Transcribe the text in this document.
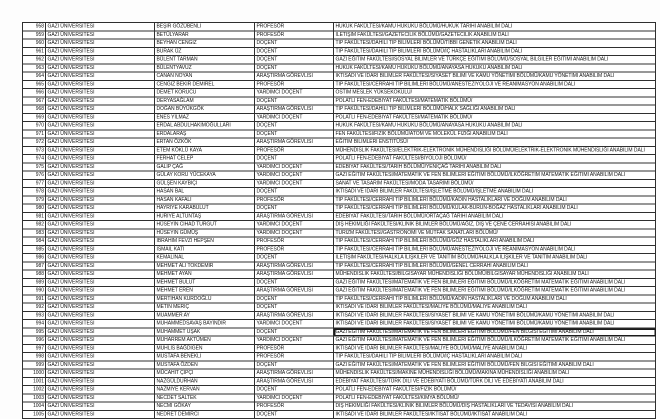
958 GAZİ ÜNİVERSİTESİ	BEŞİR GÖZÜBENLİ	PROFESÖR	HUKUK FAKÜLTESİ/KAMU HUKUKU BÖLÜMÜ/HUKUK TARİHİ ANABİLİM DALI
959 GAZİ ÜNİVERSİTESİ	BETÜLYARAR	PROFESÖR	İLETİŞİM FAKÜLTESİ/GAZETECİLİK BÖLÜMÜ/GAZETECİLİK ANABİLİM DALI
960 GAZİ ÜNİVERSİTESİ	BEYHAN CENGİZ	DOÇENT	TIP FAKÜLTESİ/DAHİLİ TIP BİLİMLERİ BÖLÜMÜ/TIBBİ GENETİK ANABİLİM DALI
961 GAZİ ÜNİVERSİTESİ	BURAK ÜZ	DOÇENT	TIP FAKÜLTESİ/DAHİLİ TIP BİLİMLERİ BÖLÜMÜ/İÇ HASTALIKLARI ANABİLİM DALI
962 GAZİ ÜNİVERSİTESİ	BÜLENT TARMAN	DOÇENT	GAZİ EĞİTİM FAKÜLTESİ/SOSYAL BİLİMLER VE TÜRKÇE EĞİTİMİ BÖLÜMÜ/SOSYAL BİLGİLER EĞİTİMİ ANABİLİM DALI
963 GAZİ ÜNİVERSİTESİ	BÜLENTYAVUZ	DOÇENT	HUKUK FAKÜLTESİ/KAMU HUKUKU BÖLÜMÜ/ANAYASA HUKUKU ANABİLİM DALI
964 GAZİ ÜNİVERSİTESİ	CANAN NOYAN	ARAŞTIRMA GÖREVLİSİ	İKTİSADİ VE İDARİ BİLİMLER FAKÜLTESİ/SİYASET BİLİMİ VE KAMU YÖNETİMİ BÖLÜMÜ/KAMU YÖNETİMİ ANABİLİM DALI
965 GAZİ ÜNİVERSİTESİ	CENGİZ BEKİR DEMİREL	PROFESÖR	TIP FAKÜLTESİ/CERRAHİ TIP BİLİMLERİ BÖLÜMÜ/ANESTEZİYOLOJİ VE REANİMASYON ANABİLİM DALI
966 GAZİ ÜNİVERSİTESİ	DEMET KORUCU	YARDIMCI DOÇENT	OSTİM MESLEK YÜKSEKOKULU/
967 GAZİ ÜNİVERSİTESİ	DERYASAĞLAM	DOÇENT	POLATLI FEN-EDEBİYAT FAKÜLTESİ/MATEMATİK BÖLÜMÜ/
968 GAZİ ÜNİVERSİTESİ	DOĞAN BÜYÜKGÖK	ARAŞTIRMA GÖREVLİSİ	TIP FAKÜLTESİ/DAHİLİ TIP BİLİMLERİ BÖLÜMÜ/HALK SAĞLIĞI ANABİLİM DALI
969 GAZİ ÜNİVERSİTESİ	ENES YILMAZ	YARDIMCI DOÇENT	POLATLI FEN-EDEBİYAT FAKÜLTESİ/MATEMATİK BÖLÜMÜ/
970 GAZİ ÜNİVERSİTESİ	ERDAL ABDULHAKİMOĞULLARI	DOÇENT	HUKUK FAKÜLTESİ/KAMU HUKUKU BÖLÜMÜ/ANAYASA HUKUKU ANABİLİM DALI
971 GAZİ ÜNİVERSİTESİ	ERDALARAŞ	DOÇENT	FEN FAKÜLTESİ/FİZİK BÖLÜMÜ/ATOM VE MOLEKÜL FİZİĞİ ANABİLİM DALI
972 GAZİ ÜNİVERSİTESİ	ERTAN ÖZKÖK	ARAŞTIRMA GÖREVLİSİ	EĞİTİM BİLİMLERİ ENSTİTÜSÜ/
973 GAZİ ÜNİVERSİTESİ	ETEM KÖKLÜ KAYA	PROFESÖR	MÜHENDİSLİK FAKÜLTESİ/ELEKTRİK-ELEKTRONİK MÜHENDİSLİĞİ BÖLÜMÜ/ELEKTRİK-ELEKTRONİK MÜHENDİSLİĞİ ANABİLİM DALI
974 GAZİ ÜNİVERSİTESİ	FERHAT CELEP	DOÇENT	POLATLI FEN-EDEBİYAT FAKÜLTESİ/BİYOLOJİ BÖLÜMÜ/
975 GAZİ ÜNİVERSİTESİ	GALİP ÇAĞ	YARDIMCI DOÇENT	EDEBİYAT FAKÜLTESİ/TARİH BÖLÜMÜ/YENİÇAĞ TARİHİ ANABİLİM DALI
976 GAZİ ÜNİVERSİTESİ	GÜLAY KORU YÜCEKAYA	YARDIMCI DOÇENT	GAZİ EĞİTİM FAKÜLTESİ/MATEMATİK VE FEN BİLİMLERİ EĞİTİMİ BÖLÜMÜ/İLKÖĞRETİM MATEMATİK EĞİTİMİ ANABİLİM DALI
977 GAZİ ÜNİVERSİTESİ	GÜLŞEN KAYBIÇI	YARDIMCI DOÇENT	SANAT VE TASARIM FAKÜLTESİ/MODA TASARIMI BÖLÜMÜ/
978 GAZİ ÜNİVERSİTESİ	HASAN BAL	DOÇENT	İKTİSADİ VE İDARİ BİLİMLER FAKÜLTESİ/İŞLETME BÖLÜMÜ/İŞLETME ANABİLİM DALI
979 GAZİ ÜNİVERSİTESİ	HASAN KAFALI	PROFESÖR	TIP FAKÜLTESİ/CERRAHİ TIP BİLİMLERİ BÖLÜMÜ/KADIN HASTALIKLARI VE DOĞUM ANABİLİM DALI
980 GAZİ ÜNİVERSİTESİ	HAYRİYE KARABULUT	DOÇENT	TIP FAKÜLTESİ/CERRAHİ TIP BİLİMLERİ BÖLÜMÜ/KULAK-BURUN-BOĞAZ HASTALIKLARI ANABİLİM DALI
981 GAZİ ÜNİVERSİTESİ	HURİYE ALTUNTAŞ	ARAŞTIRMA GÖREVLİSİ	EDEBİYAT FAKÜLTESİ/TARİH BÖLÜMÜ/ORTAÇAĞ TARİHİ ANABİLİM DALI
982 GAZİ ÜNİVERSİTESİ	HÜSEYİN CİHAD TURGUT	YARDIMCI DOÇENT	DİŞ HEKİMLİĞİ FAKÜLTESİ/KLİNİK BİLİMLER BÖLÜMÜ/AĞIZ, DİŞ VE ÇENE CERRAHİSİ ANABİLİM DALI
983 GAZİ ÜNİVERSİTESİ	HÜSEYİN GÜMÜŞ	YARDIMCI DOÇENT	TURİZM FAKÜLTESİ/GASTRONOMİ VE MUTFAK SANATLARI BÖLÜMÜ/
984 GAZİ ÜNİVERSİTESİ	İBRAHİM FEVZİ HEPŞEN	PROFESÖR	TIP FAKÜLTESİ/CERRAHİ TIP BİLİMLERİ BÖLÜMÜ/GÖZ HASTALIKLARI ANABİLİM DALI
985 GAZİ ÜNİVERSİTESİ	İSMAİL KATI	PROFESÖR	TIP FAKÜLTESİ/CERRAHİ TIP BİLİMLERİ BÖLÜMÜ/ANESTEZİYOLOJİ VE REANİMASYON ANABİLİM DALI
986 GAZİ ÜNİVERSİTESİ	KEMALİNAL	DOÇENT	İLETİŞİM FAKÜLTESİ/HALKLA İLİŞKİLER VE TANITIM BÖLÜMÜ/HALKLA İLİŞKİLER VE TANITIM ANABİLİM DALI
987 GAZİ ÜNİVERSİTESİ	MEHMET ALİ TOKDEMİR	ARAŞTIRMA GÖREVLİSİ	TIP FAKÜLTESİ/CERRAHİ TIP BİLİMLERİ BÖLÜMÜ/GENEL CERRAHİ ANABİLİM DALI
988 GAZİ ÜNİVERSİTESİ	MEHMET AYAN	ARAŞTIRMA GÖREVLİSİ	MÜHENDİSLİK FAKÜLTESİ/BİLGİSAYAR MÜHENDİSLİĞİ BÖLÜMÜ/BİLGİSAYAR MÜHENDİSLİĞİ ANABİLİM DALI
989 GAZİ ÜNİVERSİTESİ	MEHMET BULUT	DOÇENT	GAZİ EĞİTİM FAKÜLTESİ/MATEMATİK VE FEN BİLİMLERİ EĞİTİMİ BÖLÜMÜ/İLKÖĞRETİM MATEMATİK EĞİTİMİ ANABİLİM DALI
990 GAZİ ÜNİVERSİTESİ	MEHMET EREN	ARAŞTIRMA GÖREVLİSİ	GAZİ EĞİTİM FAKÜLTESİ/MATEMATİK VE FEN BİLİMLERİ EĞİTİMİ BÖLÜMÜ/İLKÖĞRETİM MATEMATİK EĞİTİMİ ANABİLİM DALI
991 GAZİ ÜNİVERSİTESİ	MERTİHAN KURDOĞLU	DOÇENT	TIP FAKÜLTESİ/CERRAHİ TIP BİLİMLERİ BÖLÜMÜ/KADIN HASTALIKLARI VE DOĞUM ANABİLİM DALI
992 GAZİ ÜNİVERSİTESİ	METİN MERİÇ	DOÇENT	İKTİSADİ VE İDARİ BİLİMLER FAKÜLTESİ/MALİYE BÖLÜMÜ/MALİYE ANABİLİM DALI
993 GAZİ ÜNİVERSİTESİ	MUAMMER AY	ARAŞTIRMA GÖREVLİSİ	İKTİSADİ VE İDARİ BİLİMLER FAKÜLTESİ/SİYASET BİLİMİ VE KAMU YÖNETİMİ BÖLÜMÜ/KAMU YÖNETİMİ ANABİLİM DALI
994 GAZİ ÜNİVERSİTESİ	MUHAMMEDSAVAŞ BAYINDIR	YARDIMCI DOÇENT	İKTİSADİ VE İDARİ BİLİMLER FAKÜLTESİ/SİYASET BİLİMİ VE KAMU YÖNETİMİ BÖLÜMÜ/KAMU YÖNETİMİ ANABİLİM DALI
995 GAZİ ÜNİVERSİTESİ	MUHAMMET UŞAK	DOÇENT	GAZİ EĞİTİM FAKÜLTESİ/MATEMATİK VE FEN BİLİMLERİ EĞİTİMİ BÖLÜMÜ/FEN BİLGİSİ EĞİTİMİ ANABİLİM DALI
996 GAZİ ÜNİVERSİTESİ	MUHARREM AKTÜMEN	YARDIMCI DOÇENT	GAZİ EĞİTİM FAKÜLTESİ/MATEMATİK VE FEN BİLİMLERİ EĞİTİMİ BÖLÜMÜ/İLKÖĞRETİM MATEMATİK EĞİTİMİ ANABİLİM DALI
997 GAZİ ÜNİVERSİTESİ	MUHLİS BAĞDİGEN	PROFESÖR	İKTİSADİ VE İDARİ BİLİMLER FAKÜLTESİ/MALİYE BÖLÜMÜ/MALİYE ANABİLİM DALI
998 GAZİ ÜNİVERSİTESİ	MUSTAFA BENEKLİ	PROFESÖR	TIP FAKÜLTESİ/DAHİLİ TIP BİLİMLERİ BÖLÜMÜ/İÇ HASTALIKLARI ANABİLİM DALI
999 GAZİ ÜNİVERSİTESİ	MUSTAFA ÖZDEN	DOÇENT	GAZİ EĞİTİM FAKÜLTESİ/MATEMATİK VE FEN BİLİMLERİ EĞİTİMİ BÖLÜMÜ/FEN BİLGİSİ EĞİTİMİ ANABİLİM DALI
1000 GAZİ ÜNİVERSİTESİ	MÜCAHİT ÇİPÇİ	ARAŞTIRMA GÖREVLİSİ	MÜHENDİSLİK FAKÜLTESİ/MAKİNE MÜHENDİSLİĞİ BÖLÜMÜ/MAKİNA MÜHENDİSLİĞİ ANABİLİM DALI
1001 GAZİ ÜNİVERSİTESİ	NAZGÜLDURHAN	ARAŞTIRMA GÖREVLİSİ	EDEBİYAT FAKÜLTESİ/TÜRK DİLİ VE EDEBİYATI BÖLÜMÜ/TÜRK DİLİ VE EDEBİYATI ANABİLİM DALI
1002 GAZİ ÜNİVERSİTESİ	NAZMİYE KERVAN	DOÇENT	POLATLI FEN-EDEBİYAT FAKÜLTESİ/FİZİK BÖLÜMÜ/
1003 GAZİ ÜNİVERSİTESİ	NECDET SALTEK	YARDIMCI DOÇENT	POLATLI FEN-EDEBİYAT FAKÜLTESİ/KİMYA BÖLÜMÜ/
1004 GAZİ ÜNİVERSİTESİ	NECMİ GÖKAY	PROFESÖR	DİŞ HEKİMLİĞİ FAKÜLTESİ/KLİNİK BİLİMLER BÖLÜMÜ/DİŞ HASTALIKLARI VE TEDAVİSİ ANABİLİM DALI
1005 GAZİ ÜNİVERSİTESİ	NEDRET DEMİRCİ	DOÇENT	İKTİSADİ VE İDARİ BİLİMLER FAKÜLTESİ/İKTİSAT BÖLÜMÜ/İKTİSAT ANABİLİM DALI
